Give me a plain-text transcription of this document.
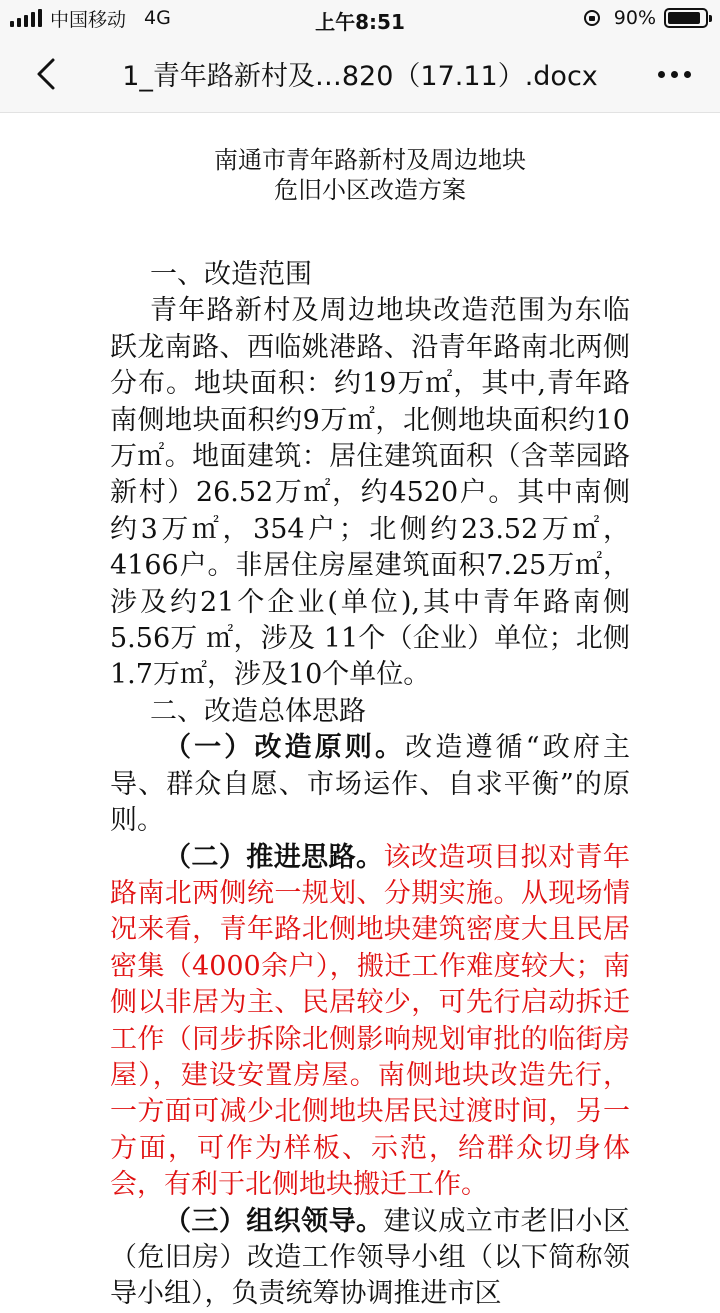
中国移动 4G	上午8:51	90%
1_青年路新村及…820（17.11）.docx

南通市青年路新村及周边地块

危旧小区改造方案

一、改造范围

青年路新村及周边地块改造范围为东临跃龙南路、西临姚港路、沿青年路南北两侧分布。地块面积：约19万㎡，其中,青年路南侧地块面积约9万㎡，北侧地块面积约10万㎡。地面建筑：居住建筑面积（含莘园路新村）26.52万㎡，约4520户。其中南侧约3万㎡，354户；北侧约23.52万㎡，4166户。非居住房屋建筑面积7.25万㎡，涉及约21个企业(单位),其中青年路南侧5.56万 ㎡，涉及 11个（企业）单位；北侧1.7万㎡，涉及10个单位。

二、改造总体思路

（一）改造原则。改造遵循“政府主导、群众自愿、市场运作、自求平衡”的原则。

（二）推进思路。该改造项目拟对青年路南北两侧统一规划、分期实施。从现场情况来看，青年路北侧地块建筑密度大且民居密集（4000余户），搬迁工作难度较大；南侧以非居为主、民居较少，可先行启动拆迁工作（同步拆除北侧影响规划审批的临街房屋），建设安置房屋。南侧地块改造先行，一方面可减少北侧地块居民过渡时间，另一方面，可作为样板、示范，给群众切身体会，有利于北侧地块搬迁工作。

（三）组织领导。建议成立市老旧小区（危旧房）改造工作领导小组（以下简称领导小组），负责统筹协调推进市区
